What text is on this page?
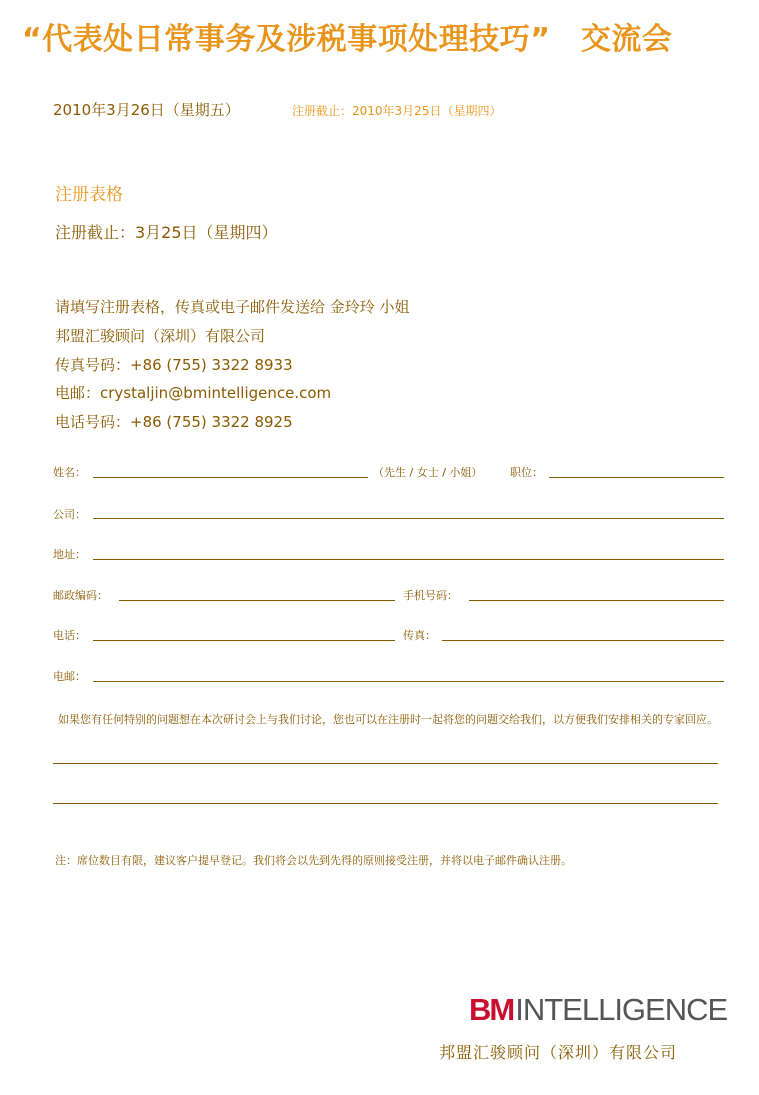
“代表处日常事务及涉税事项处理技巧”　交流会
2010年3月26日（星期五）	注册截止：2010年3月25日（星期四）
注册表格
注册截止：3月25日（星期四）
请填写注册表格，传真或电子邮件发送给 金玲玲 小姐
邦盟汇骏顾问（深圳）有限公司
传真号码：+86 (755) 3322 8933
电邮：crystaljin@bmintelligence.com
电话号码：+86 (755) 3322 8925
姓名：	（先生 / 女士 / 小姐）	职位：
公司：
地址：
邮政编码：	手机号码：
电话：	传真：
电邮：
如果您有任何特别的问题想在本次研讨会上与我们讨论，您也可以在注册时一起将您的问题交给我们，以方便我们安排相关的专家回应。
注：席位数目有限，建议客户提早登记。我们将会以先到先得的原则接受注册，并将以电子邮件确认注册。
BMINTELLIGENCE
邦盟汇骏顾问（深圳）有限公司
